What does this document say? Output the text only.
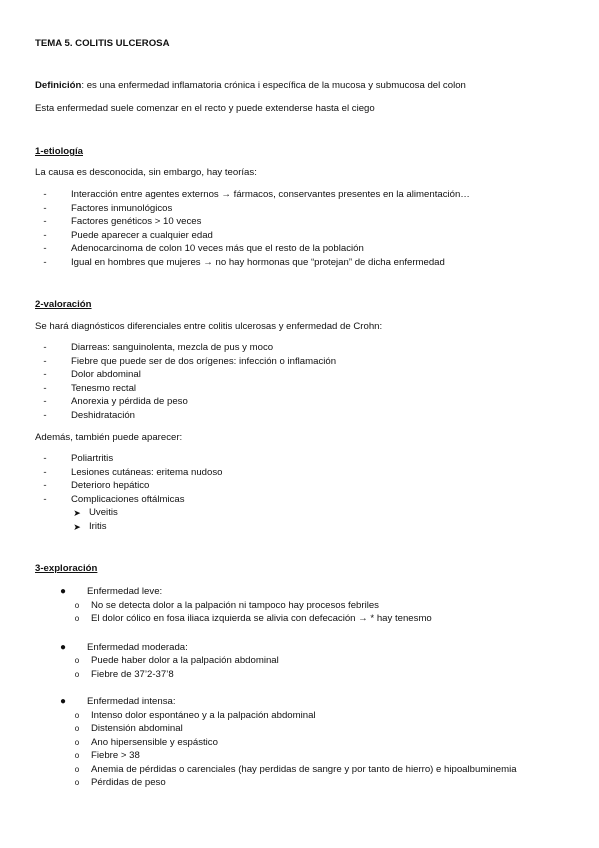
TEMA 5. COLITIS ULCEROSA
Definición: es una enfermedad inflamatoria crónica i específica de la mucosa y submucosa del colon
Esta enfermedad suele comenzar en el recto y puede extenderse hasta el ciego
1-etiología
La causa es desconocida, sin embargo, hay teorías:
-	Interacción entre agentes externos → fármacos, conservantes presentes en la alimentación…
-	Factores inmunológicos
-	Factores genéticos > 10 veces
-	Puede aparecer a cualquier edad
-	Adenocarcinoma de colon 10 veces más que el resto de la población
-	Igual en hombres que mujeres → no hay hormonas que “protejan” de dicha enfermedad
2-valoración
Se hará diagnósticos diferenciales entre colitis ulcerosas y enfermedad de Crohn:
-	Diarreas: sanguinolenta, mezcla de pus y moco
-	Fiebre que puede ser de dos orígenes: infección o inflamación
-	Dolor abdominal
-	Tenesmo rectal
-	Anorexia y pérdida de peso
-	Deshidratación
Además, también puede aparecer:
-	Poliartritis
-	Lesiones cutáneas: eritema nudoso
-	Deterioro hepático
-	Complicaciones oftálmicas
➤ Uveitis
➤ Iritis
3-exploración
●	Enfermedad leve:
o	No se detecta dolor a la palpación ni tampoco hay procesos febriles
o	El dolor cólico en fosa iliaca izquierda se alivia con defecación → * hay tenesmo
●	Enfermedad moderada:
o	Puede haber dolor a la palpación abdominal
o	Fiebre de 37’2-37’8
●	Enfermedad intensa:
o	Intenso dolor espontáneo y a la palpación abdominal
o	Distensión abdominal
o	Ano hipersensible y espástico
o	Fiebre > 38
o	Anemia de pérdidas o carenciales (hay perdidas de sangre y por tanto de hierro) e hipoalbuminemia
o	Pérdidas de peso
